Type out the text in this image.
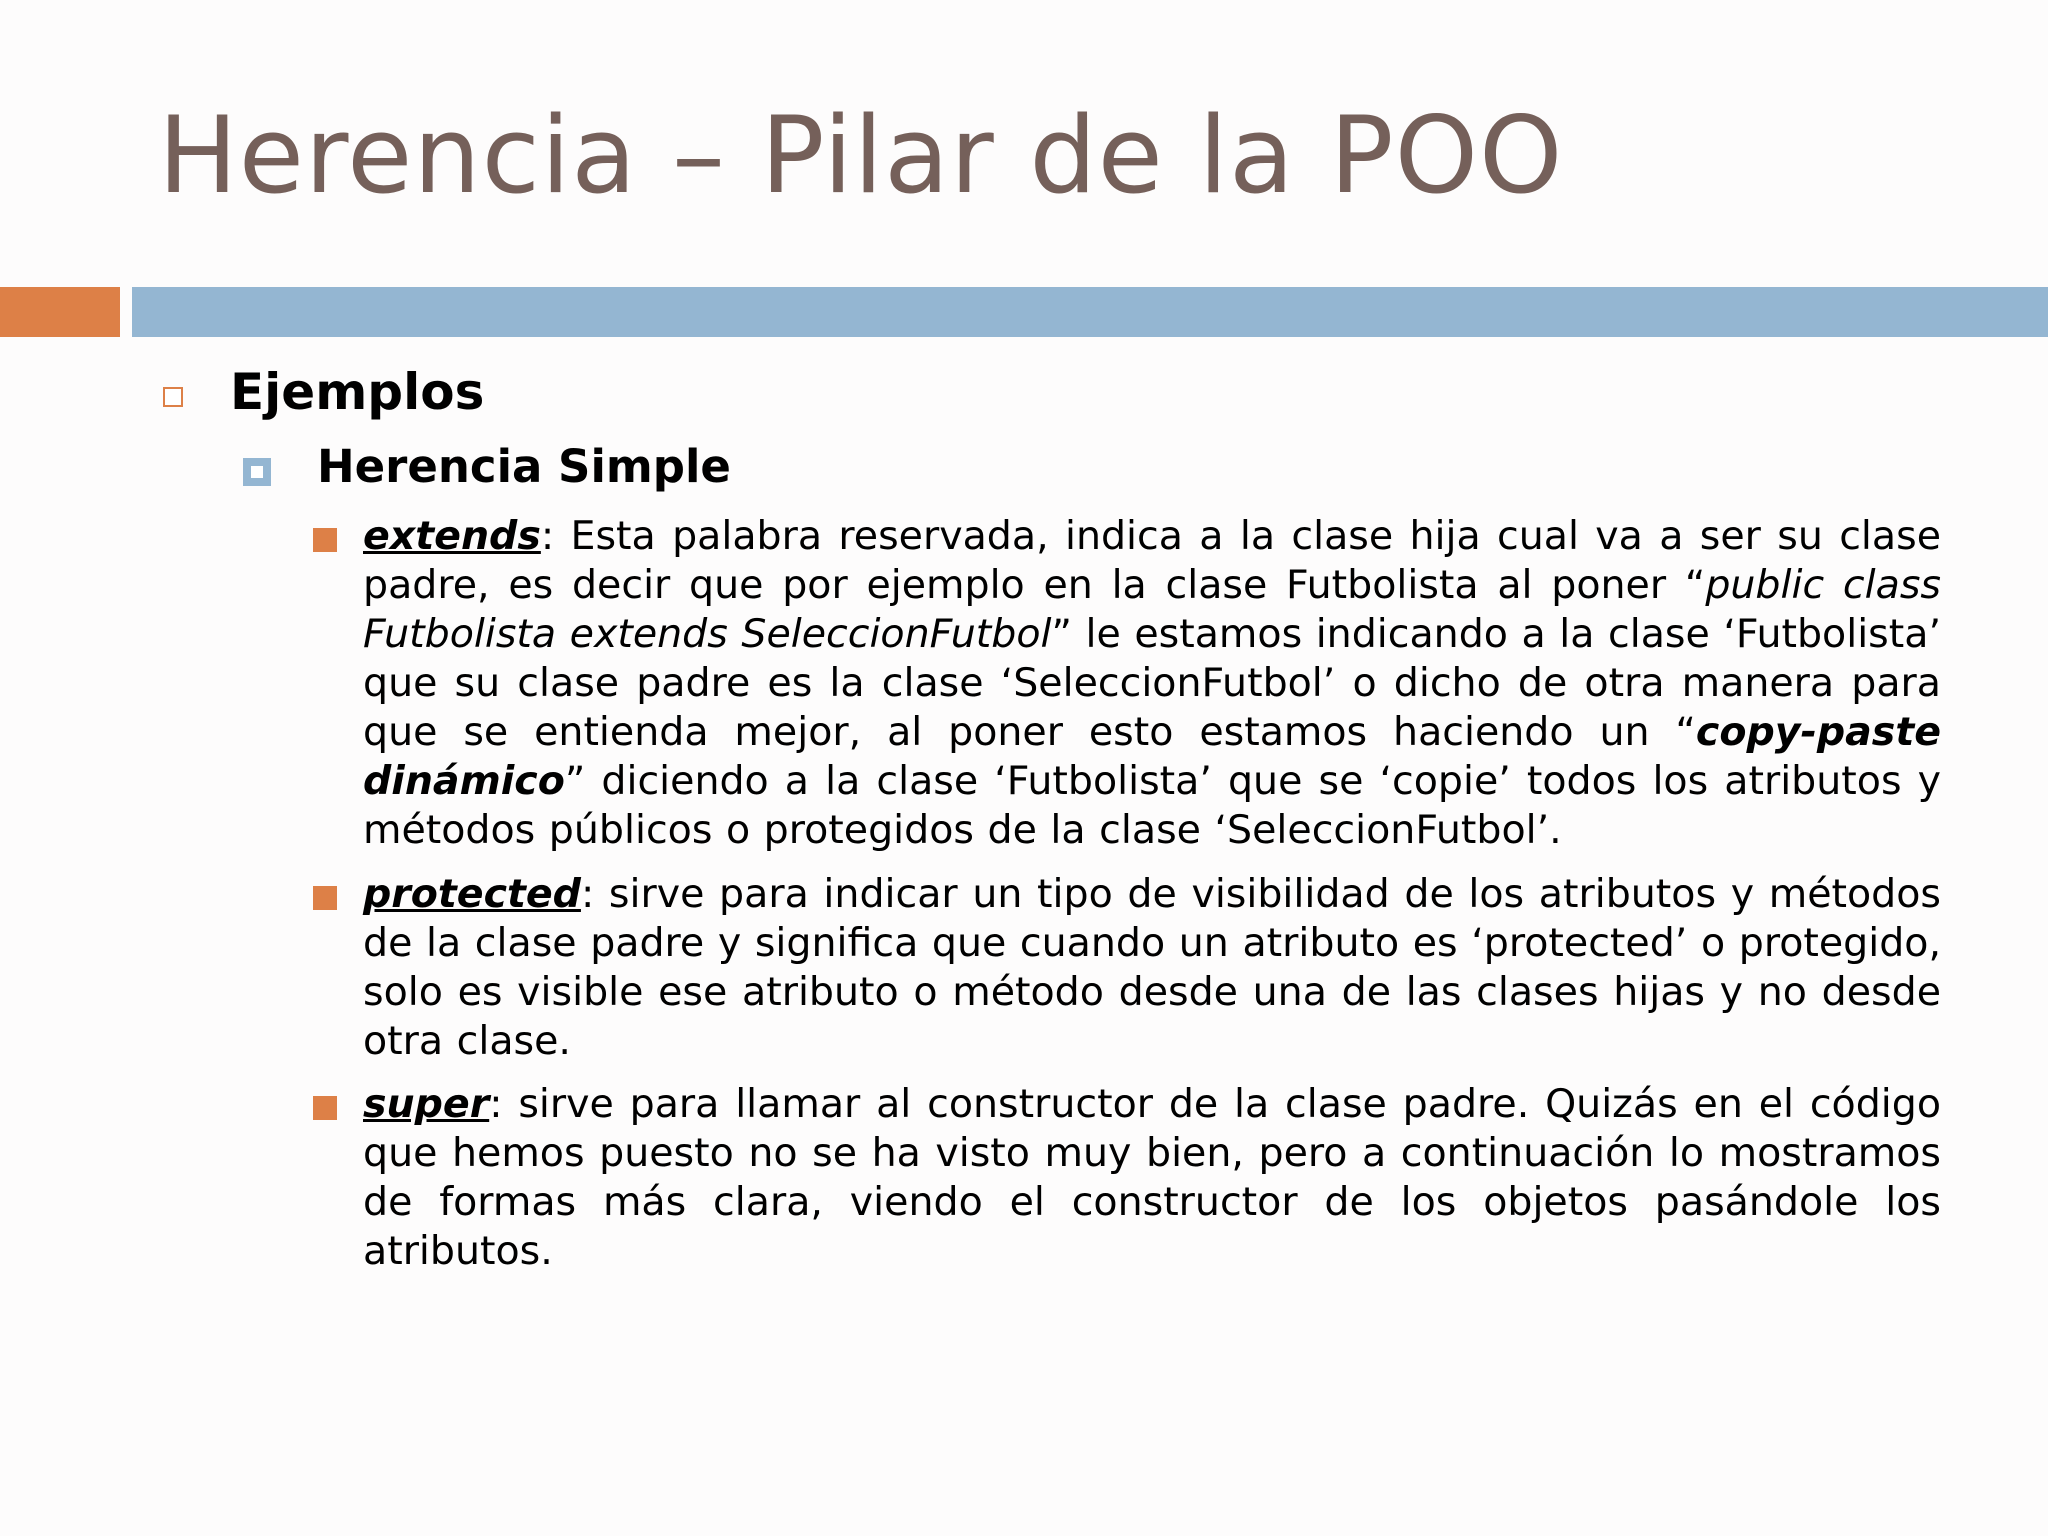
Herencia – Pilar de la POO
Ejemplos
Herencia Simple

extends: Esta palabra reservada, indica a la clase hija cual va a ser su clase padre, es decir que por ejemplo en la clase Futbolista al poner “public class Futbolista extends SeleccionFutbol” le estamos indicando a la clase ‘Futbolista’ que su clase padre es la clase ‘SeleccionFutbol’ o dicho de otra manera para que se entienda mejor, al poner esto estamos haciendo un “copy-paste dinámico” diciendo a la clase ‘Futbolista’ que se ‘copie’ todos los atributos y métodos públicos o protegidos de la clase ‘SeleccionFutbol’.

protected: sirve para indicar un tipo de visibilidad de los atributos y métodos de la clase padre y significa que cuando un atributo es ‘protected’ o protegido, solo es visible ese atributo o método desde una de las clases hijas y no desde otra clase.

super: sirve para llamar al constructor de la clase padre. Quizás en el código que hemos puesto no se ha visto muy bien, pero a continuación lo mostramos de formas más clara, viendo el constructor de los objetos pasándole los atributos.
